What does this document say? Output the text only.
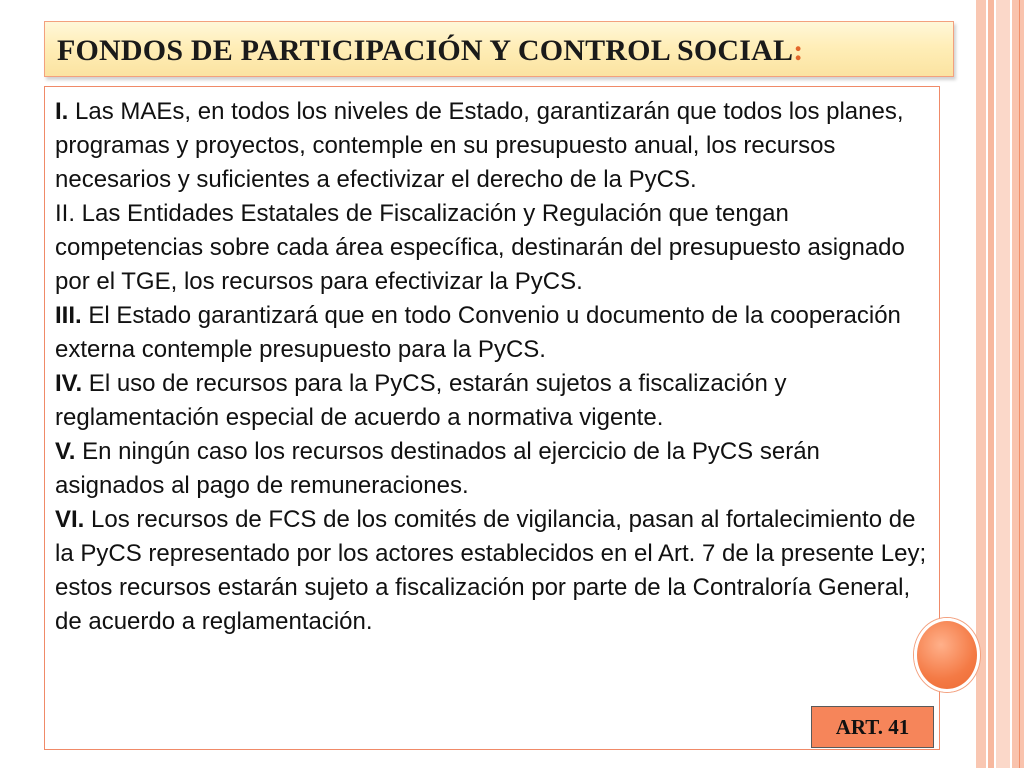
FONDOS DE PARTICIPACIÓN Y CONTROL SOCIAL:

I. Las MAEs, en todos los niveles de Estado, garantizarán que todos los planes, programas y proyectos, contemple en su presupuesto anual, los recursos necesarios y suficientes a efectivizar el derecho de la PyCS.

II. Las Entidades Estatales de Fiscalización y Regulación que tengan competencias sobre cada área específica, destinarán del presupuesto asignado por el TGE, los recursos para efectivizar la PyCS.

III. El Estado garantizará que en todo Convenio u documento de la cooperación externa contemple presupuesto para la PyCS.

IV. El uso de recursos para la PyCS, estarán sujetos a fiscalización y reglamentación especial de acuerdo a normativa vigente.

V. En ningún caso los recursos destinados al ejercicio de la PyCS serán asignados al pago de remuneraciones.

VI. Los recursos de FCS de los comités de vigilancia, pasan al fortalecimiento de la PyCS representado por los actores establecidos en el Art. 7 de la presente Ley; estos recursos estarán sujeto a fiscalización por parte de la Contraloría General, de acuerdo a reglamentación.

ART. 41
